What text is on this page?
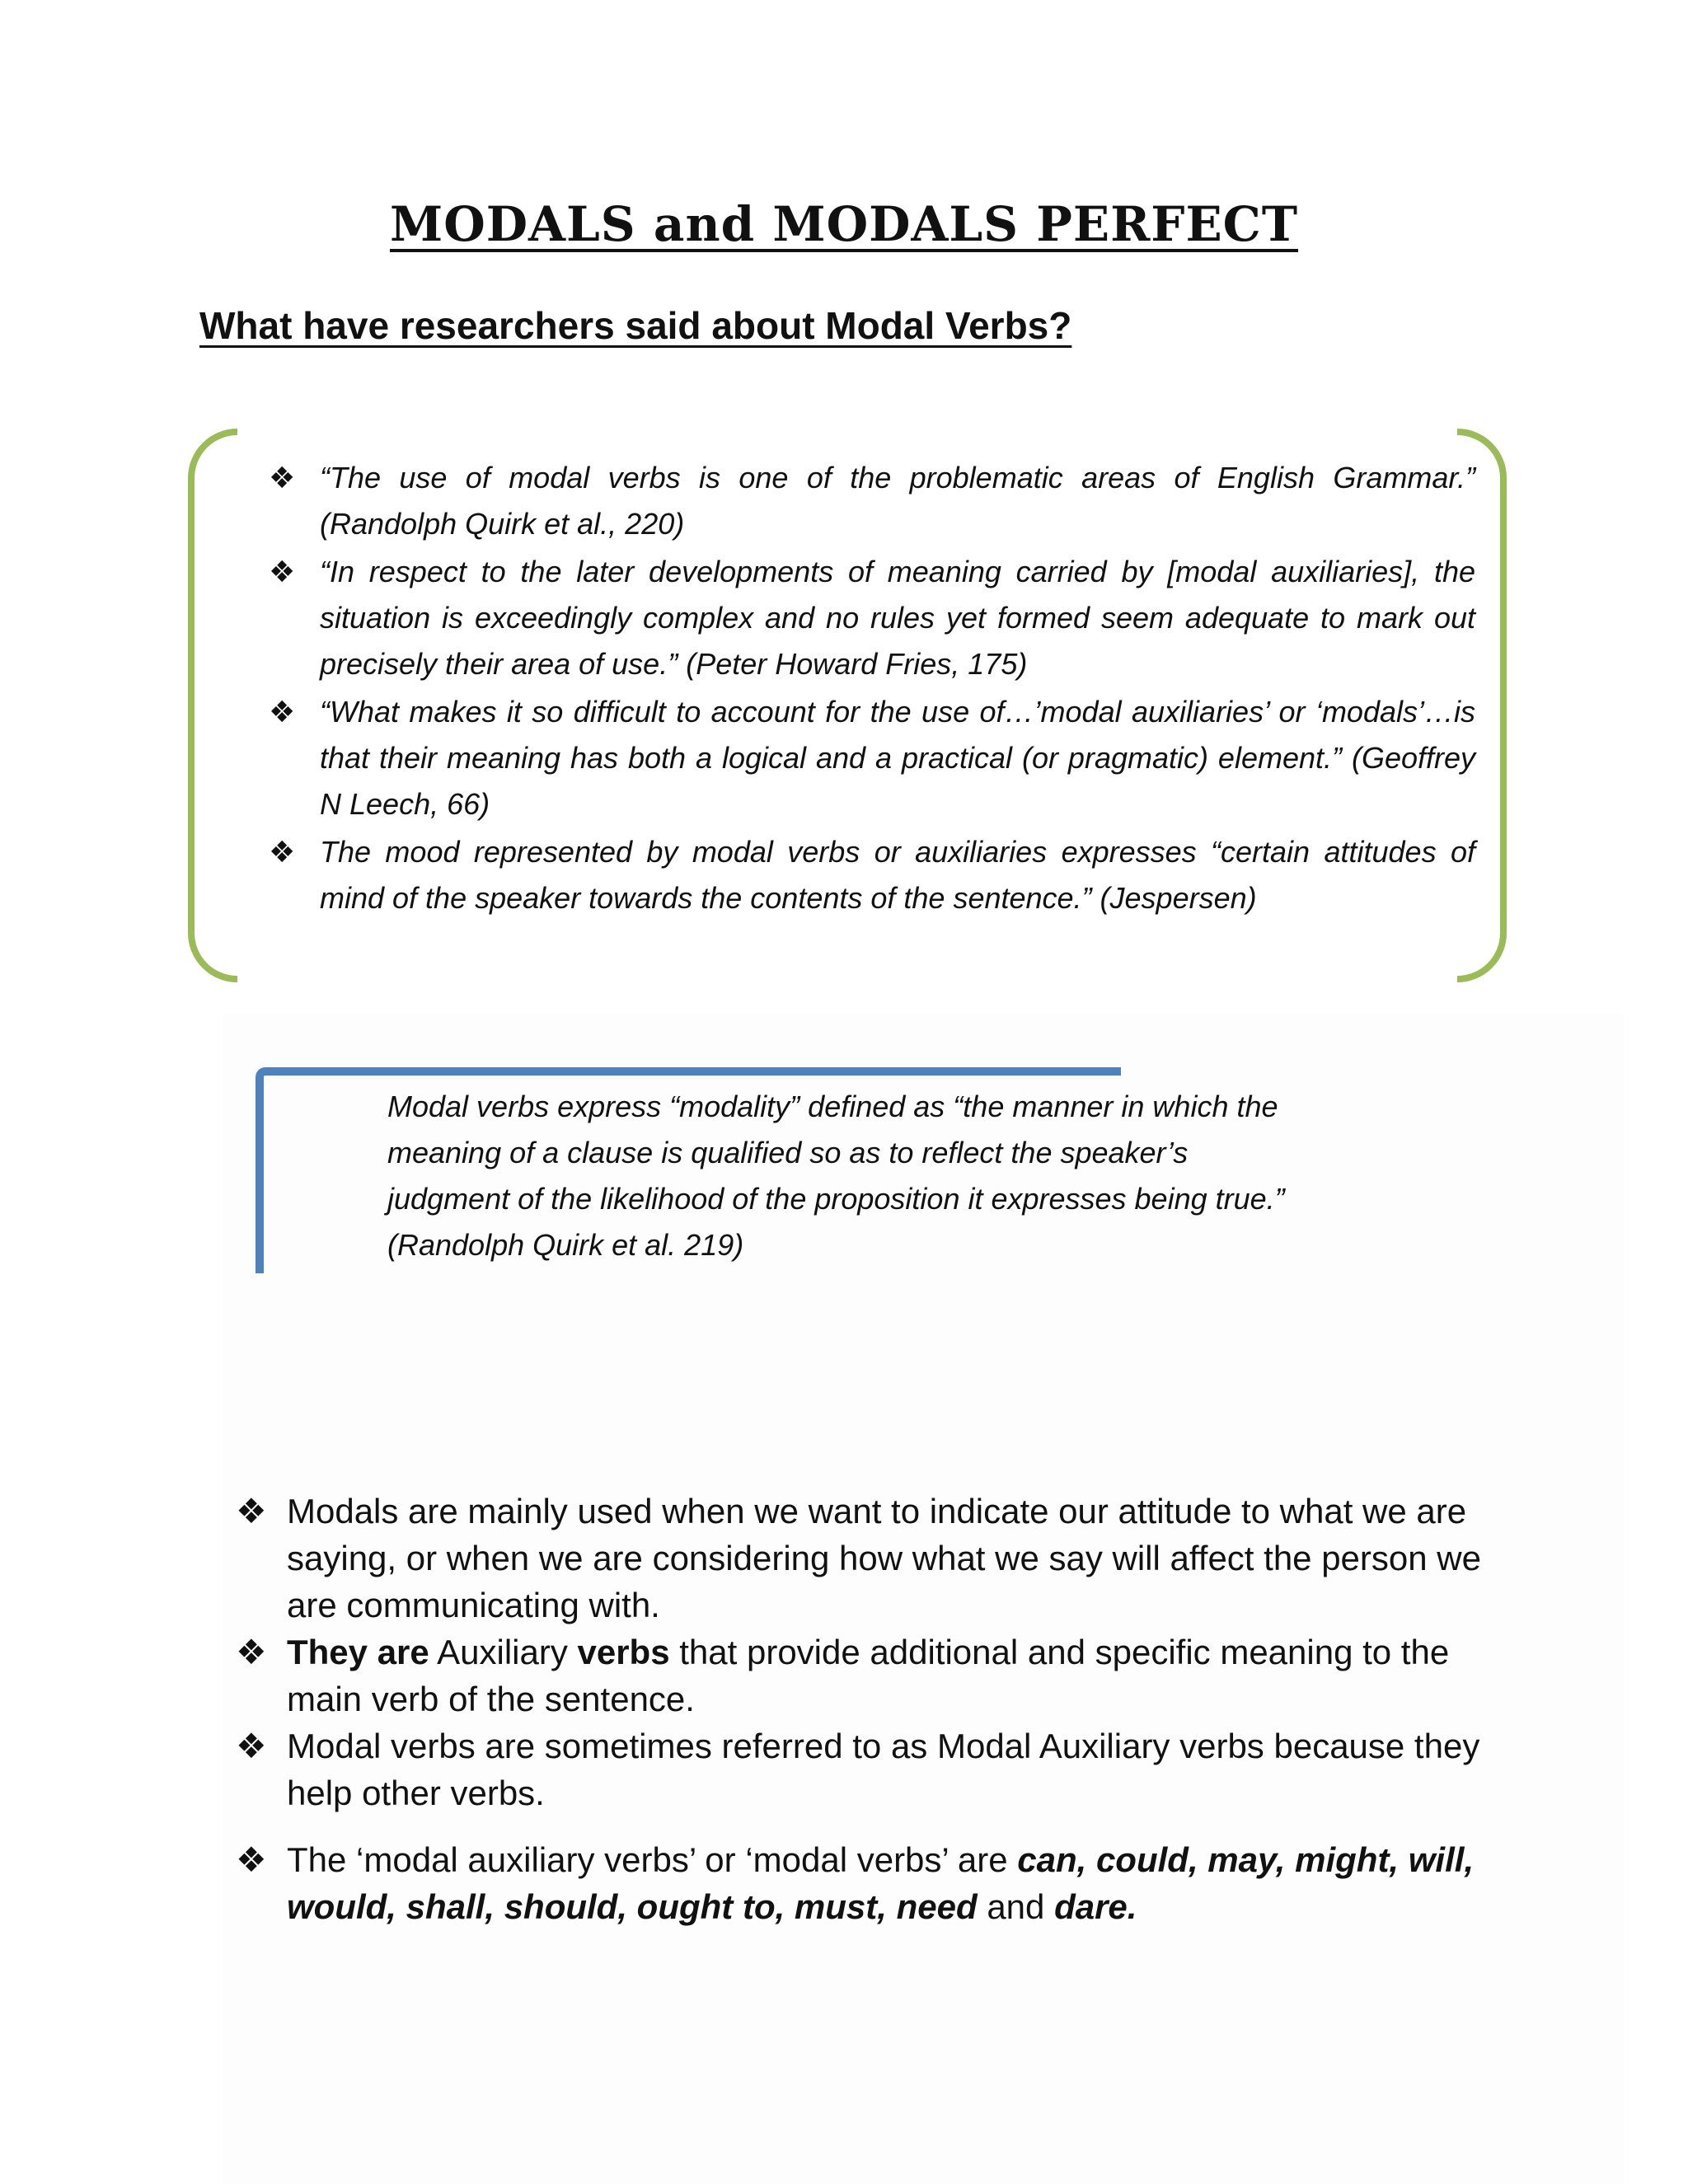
MODALS and MODALS PERFECT
What have researchers said about Modal Verbs?
❖ “The use of modal verbs is one of the problematic areas of English Grammar.” (Randolph Quirk et al., 220)
❖ “In respect to the later developments of meaning carried by [modal auxiliaries], the situation is exceedingly complex and no rules yet formed seem adequate to mark out precisely their area of use.” (Peter Howard Fries, 175)
❖ “What makes it so difficult to account for the use of…’modal auxiliaries’ or ‘modals’…is that their meaning has both a logical and a practical (or pragmatic) element.” (Geoffrey N Leech, 66)
❖ The mood represented by modal verbs or auxiliaries expresses “certain attitudes of mind of the speaker towards the contents of the sentence.” (Jespersen)

Modal verbs express “modality” defined as “the manner in which the

meaning of a clause is qualified so as to reflect the speaker’s

judgment of the likelihood of the proposition it expresses being true.”

(Randolph Quirk et al. 219)

❖ Modals are mainly used when we want to indicate our attitude to what we are saying, or when we are considering how what we say will affect the person we are communicating with.
❖ They are Auxiliary verbs that provide additional and specific meaning to the main verb of the sentence.
❖ Modal verbs are sometimes referred to as Modal Auxiliary verbs because they help other verbs.
❖ The ‘modal auxiliary verbs’ or ‘modal verbs’ are can, could, may, might, will, would, shall, should, ought to, must, need and dare.
